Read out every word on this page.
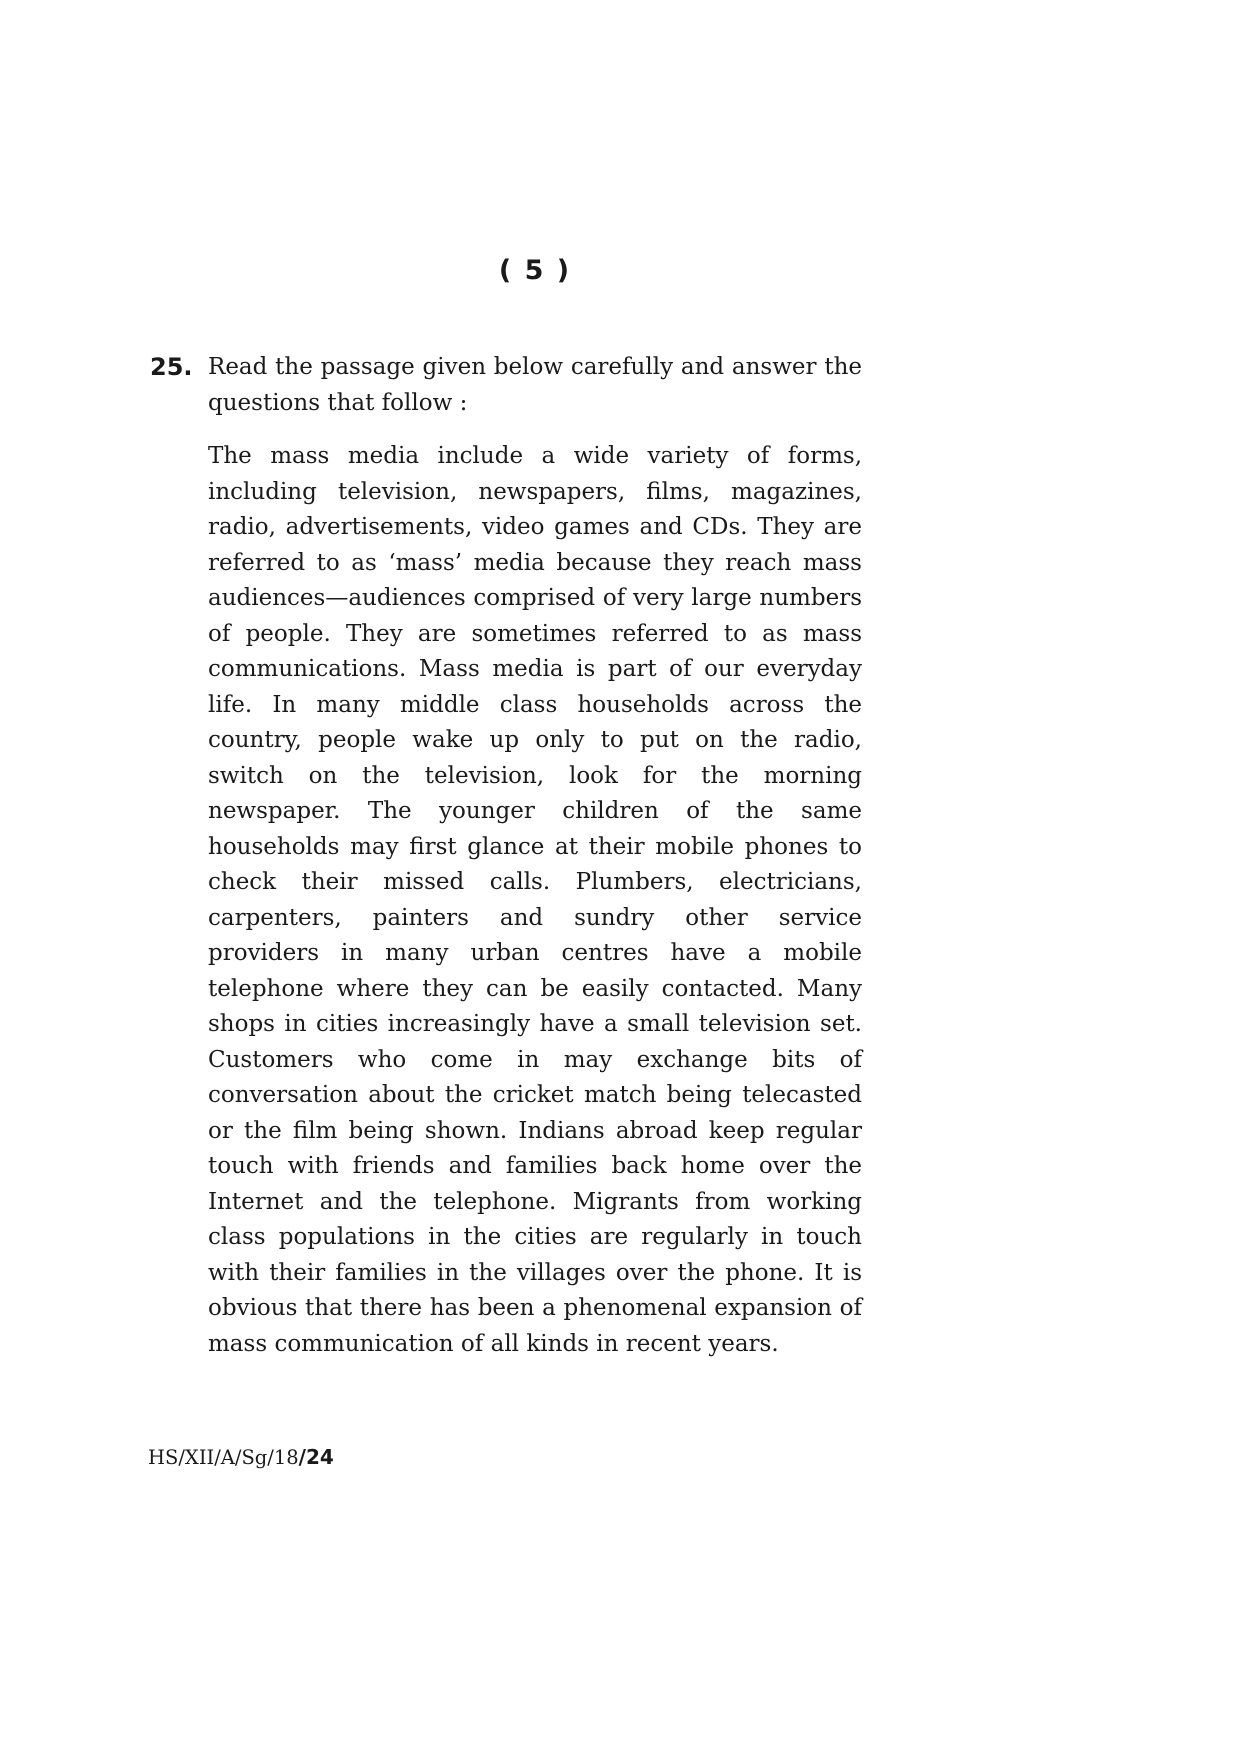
( 5 )
25. Read the passage given below carefully and answer the questions that follow :

The mass media include a wide variety of forms, including television, newspapers, films, magazines, radio, advertisements, video games and CDs. They are referred to as ‘mass’ media because they reach mass audiences—audiences comprised of very large numbers of people. They are sometimes referred to as mass communications. Mass media is part of our everyday life. In many middle class households across the country, people wake up only to put on the radio, switch on the television, look for the morning newspaper. The younger children of the same households may first glance at their mobile phones to check their missed calls. Plumbers, electricians, carpenters, painters and sundry other service providers in many urban centres have a mobile telephone where they can be easily contacted. Many shops in cities increasingly have a small television set. Customers who come in may exchange bits of conversation about the cricket match being telecasted or the film being shown. Indians abroad keep regular touch with friends and families back home over the Internet and the telephone. Migrants from working class populations in the cities are regularly in touch with their families in the villages over the phone. It is obvious that there has been a phenomenal expansion of mass communication of all kinds in recent years.

HS/XII/A/Sg/18/24
